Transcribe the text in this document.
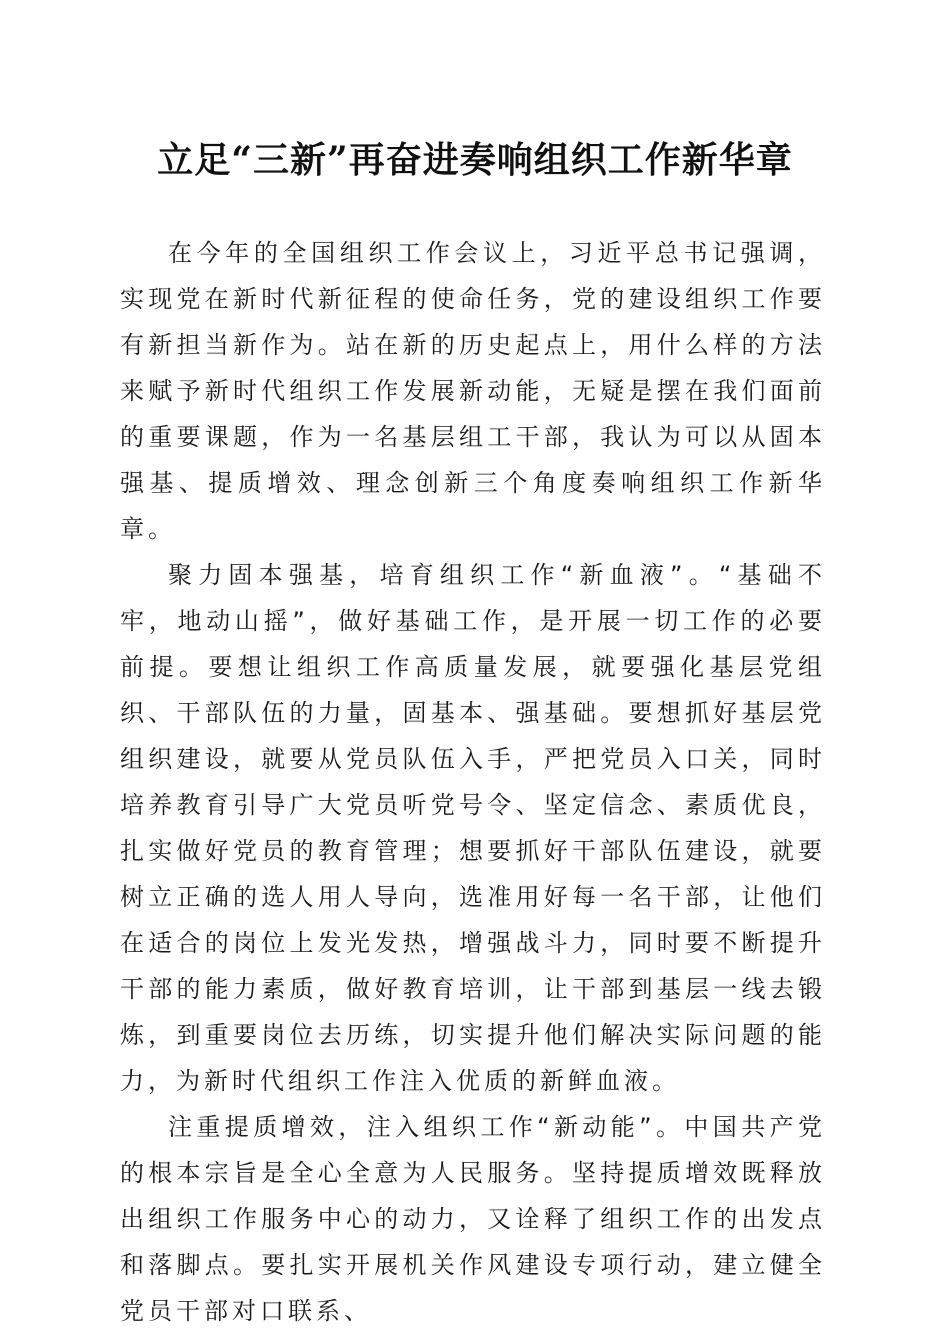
立足“三新”再奋进奏响组织工作新华章

在今年的全国组织工作会议上，习近平总书记强调，实现党在新时代新征程的使命任务，党的建设组织工作要有新担当新作为。站在新的历史起点上，用什么样的方法来赋予新时代组织工作发展新动能，无疑是摆在我们面前的重要课题，作为一名基层组工干部，我认为可以从固本强基、提质增效、理念创新三个角度奏响组织工作新华章。

聚力固本强基，培育组织工作“新血液”。“基础不牢，地动山摇”，做好基础工作，是开展一切工作的必要前提。要想让组织工作高质量发展，就要强化基层党组织、干部队伍的力量，固基本、强基础。要想抓好基层党组织建设，就要从党员队伍入手，严把党员入口关，同时培养教育引导广大党员听党号令、坚定信念、素质优良，扎实做好党员的教育管理；想要抓好干部队伍建设，就要树立正确的选人用人导向，选准用好每一名干部，让他们在适合的岗位上发光发热，增强战斗力，同时要不断提升干部的能力素质，做好教育培训，让干部到基层一线去锻炼，到重要岗位去历练，切实提升他们解决实际问题的能力，为新时代组织工作注入优质的新鲜血液。

注重提质增效，注入组织工作“新动能”。中国共产党的根本宗旨是全心全意为人民服务。坚持提质增效既释放出组织工作服务中心的动力，又诠释了组织工作的出发点和落脚点。要扎实开展机关作风建设专项行动，建立健全党员干部对口联系、
